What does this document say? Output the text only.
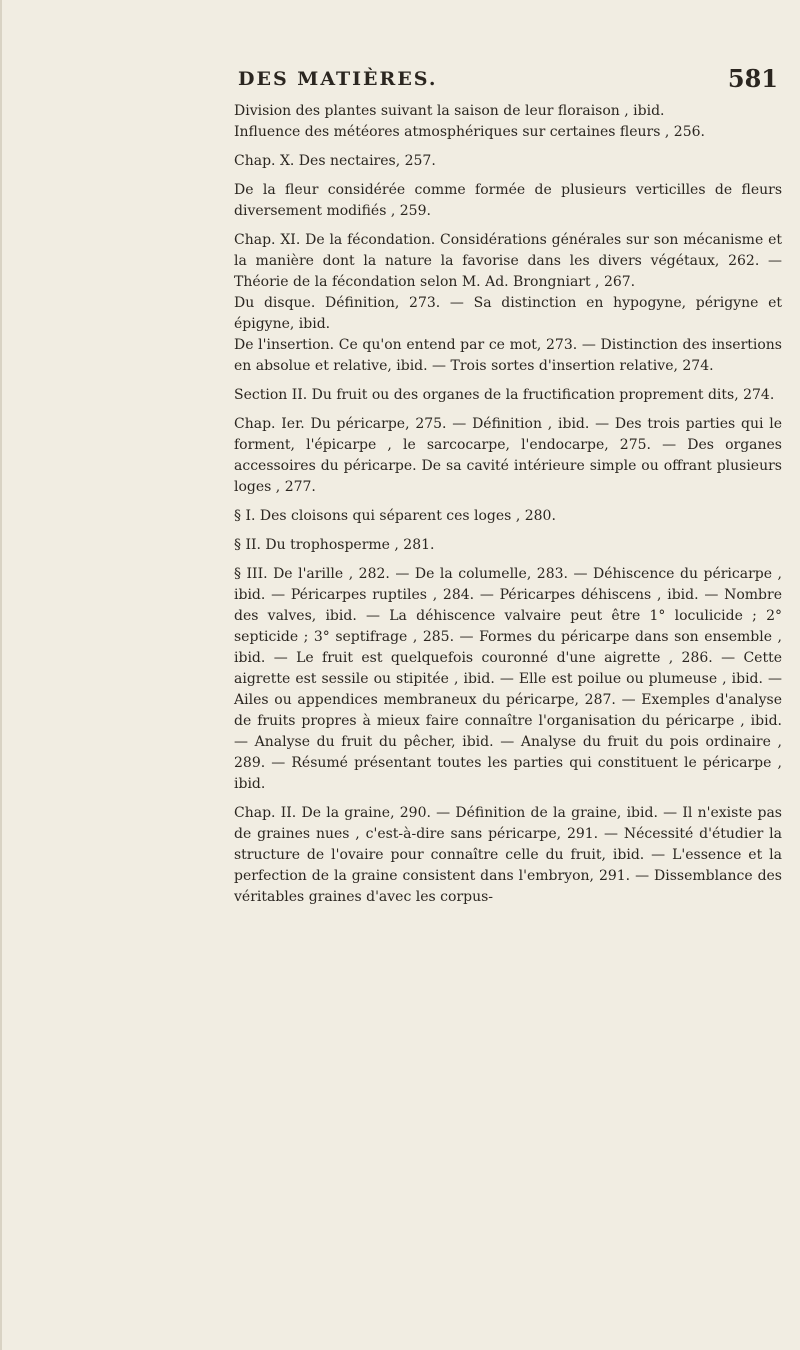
DES MATIÈRES.	581

Division des plantes suivant la saison de leur floraison , ibid.

Influence des météores atmosphériques sur certaines fleurs , 256.

Chap. X. Des nectaires, 257.

De la fleur considérée comme formée de plusieurs verticilles de fleurs diversement modifiés , 259.

Chap. XI. De la fécondation. Considérations générales sur son mécanisme et la manière dont la nature la favorise dans les divers végétaux, 262. — Théorie de la fécondation selon M. Ad. Brongniart , 267.

Du disque. Définition, 273. — Sa distinction en hypogyne, périgyne et épigyne, ibid.

De l'insertion. Ce qu'on entend par ce mot, 273. — Distinction des insertions en absolue et relative, ibid. — Trois sortes d'insertion relative, 274.

Section II. Du fruit ou des organes de la fructification proprement dits, 274.

Chap. Ier. Du péricarpe, 275. — Définition , ibid. — Des trois parties qui le forment, l'épicarpe , le sarcocarpe, l'endocarpe, 275. — Des organes accessoires du péricarpe. De sa cavité intérieure simple ou offrant plusieurs loges , 277.

§ I. Des cloisons qui séparent ces loges , 280.

§ II. Du trophosperme , 281.

§ III. De l'arille , 282. — De la columelle, 283. — Déhiscence du péricarpe , ibid. — Péricarpes ruptiles , 284. — Péricarpes déhiscens , ibid. — Nombre des valves, ibid. — La déhiscence valvaire peut être 1° loculicide ; 2° septicide ; 3° septifrage , 285. — Formes du péricarpe dans son ensemble , ibid. — Le fruit est quelquefois couronné d'une aigrette , 286. — Cette aigrette est sessile ou stipitée , ibid. — Elle est poilue ou plumeuse , ibid. — Ailes ou appendices membraneux du péricarpe, 287. — Exemples d'analyse de fruits propres à mieux faire connaître l'organisation du péricarpe , ibid. — Analyse du fruit du pêcher, ibid. — Analyse du fruit du pois ordinaire , 289. — Résumé présentant toutes les parties qui constituent le péricarpe , ibid.

Chap. II. De la graine, 290. — Définition de la graine, ibid. — Il n'existe pas de graines nues , c'est-à-dire sans péricarpe, 291. — Nécessité d'étudier la structure de l'ovaire pour connaître celle du fruit, ibid. — L'essence et la perfection de la graine consistent dans l'embryon, 291. — Dissemblance des véritables graines d'avec les corpus-
